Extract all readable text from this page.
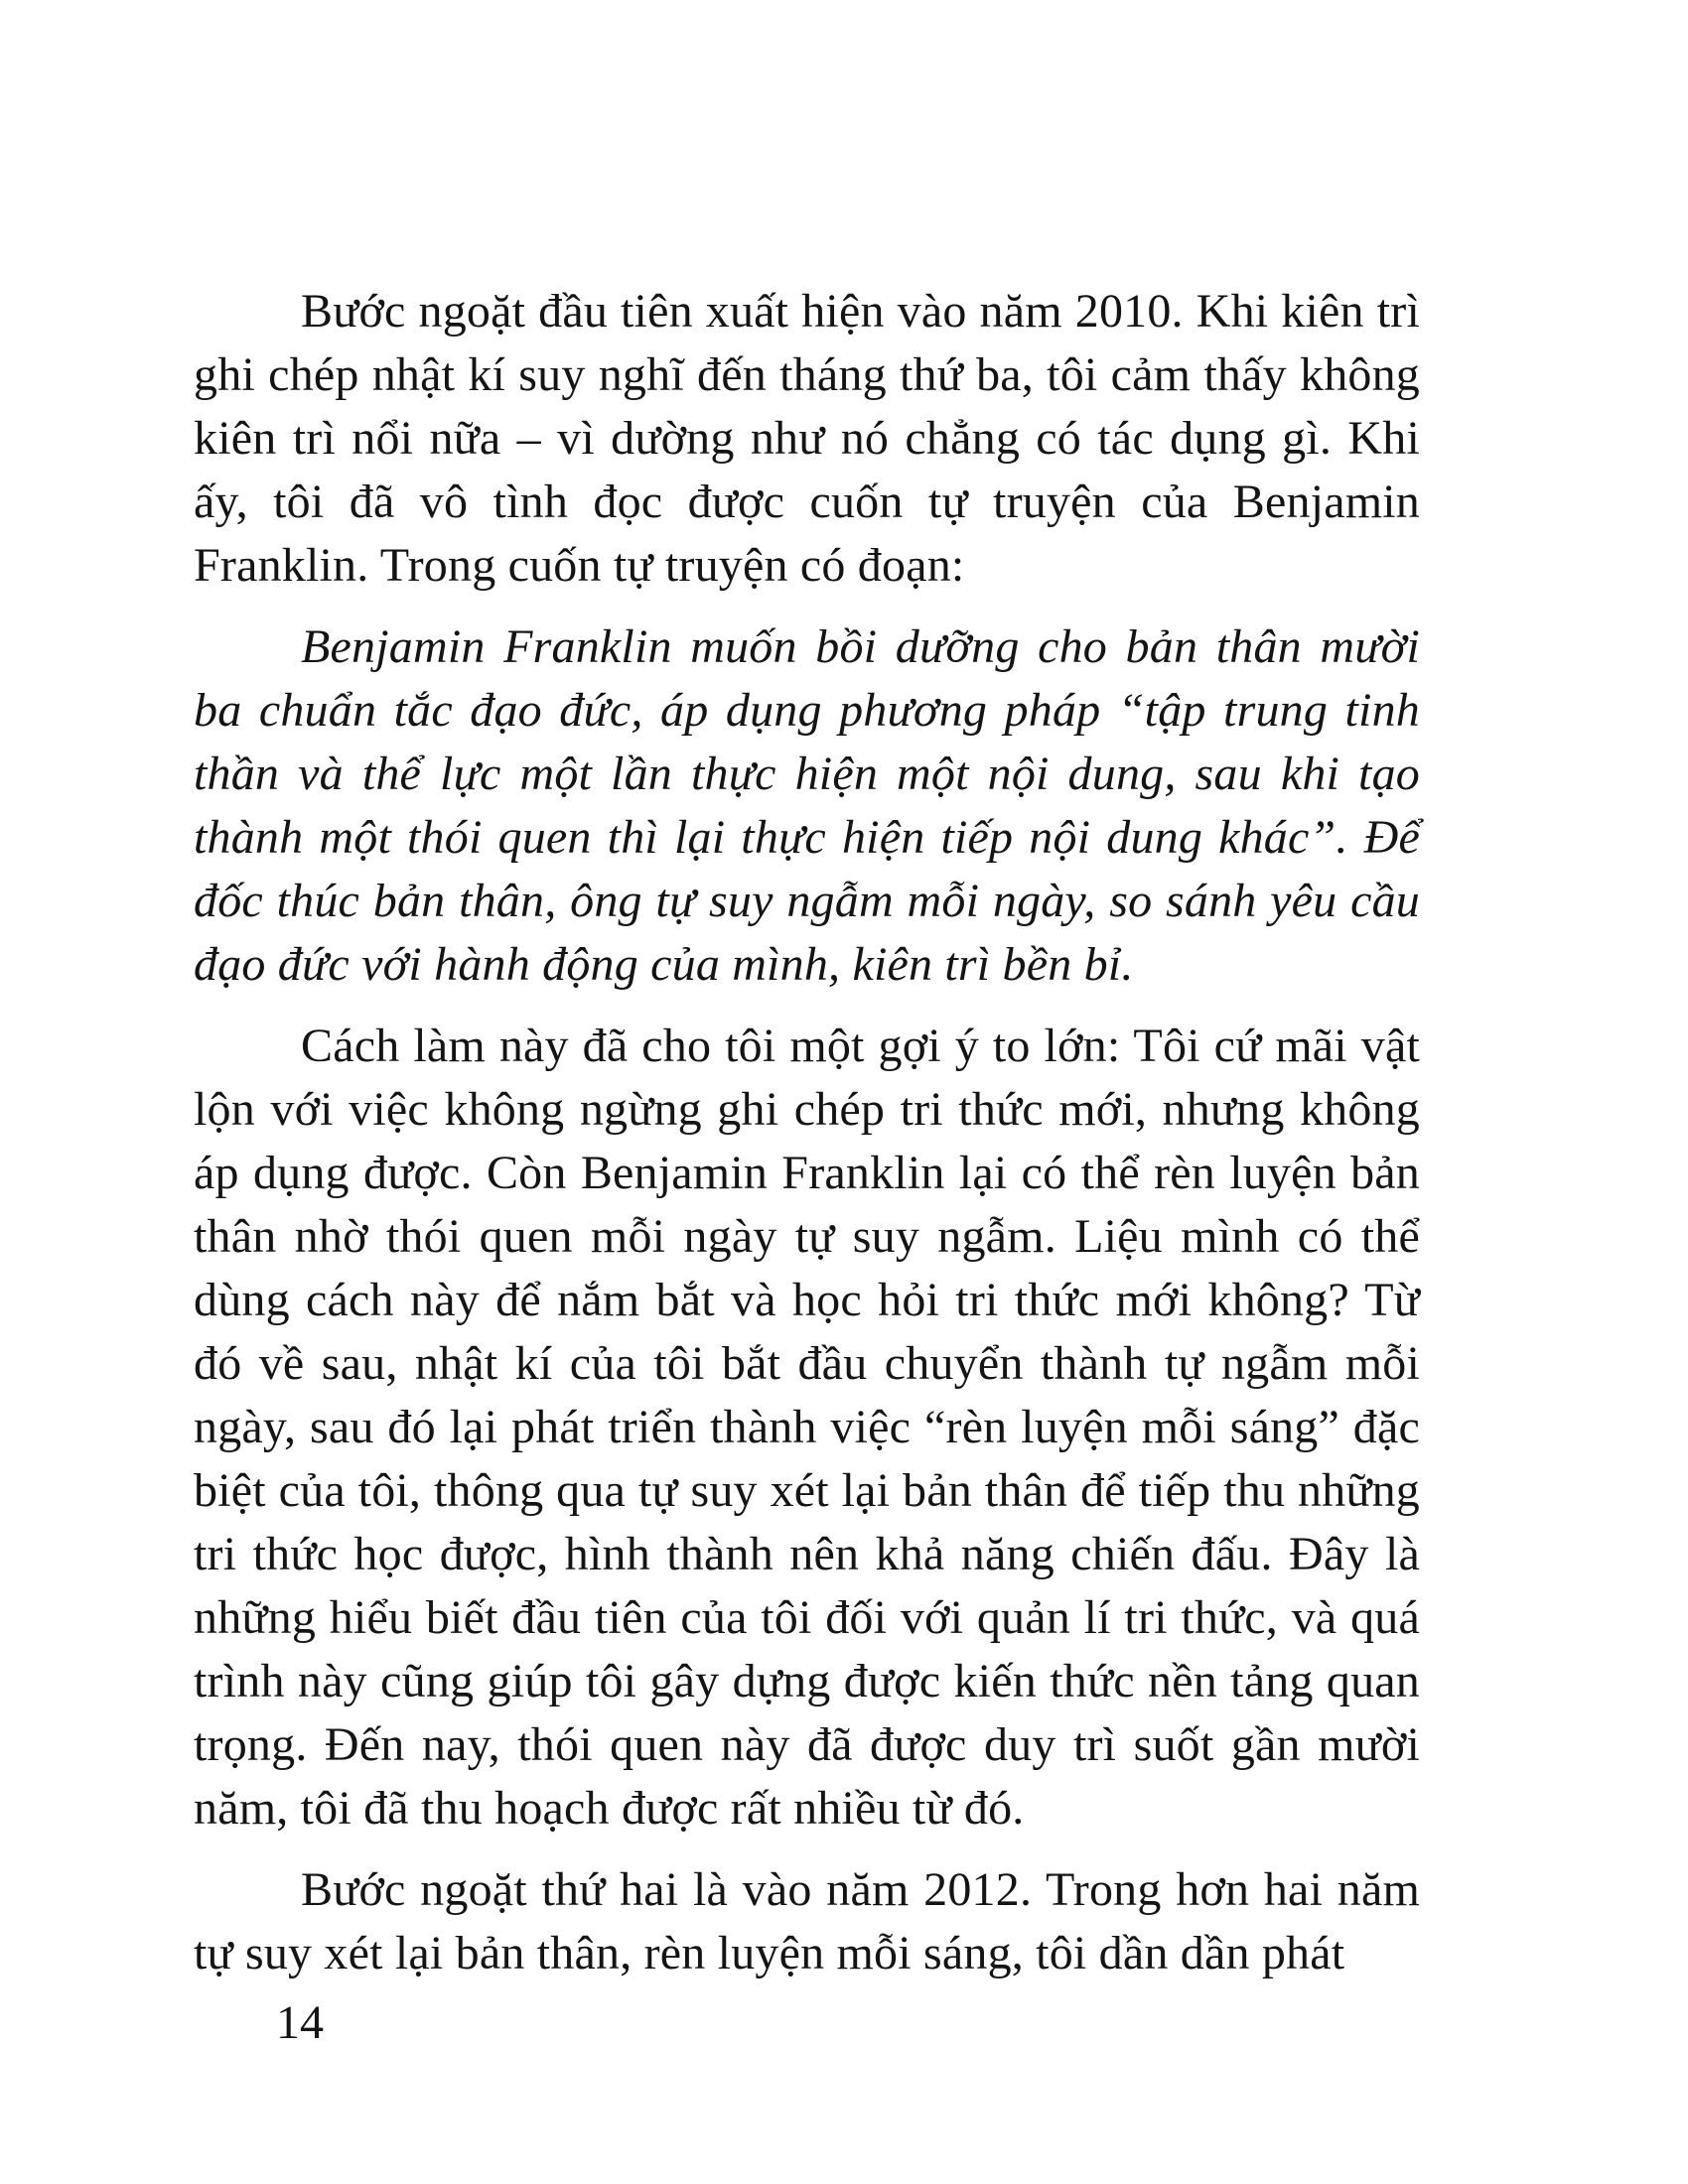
Bước ngoặt đầu tiên xuất hiện vào năm 2010. Khi kiên trì ghi chép nhật kí suy nghĩ đến tháng thứ ba, tôi cảm thấy không kiên trì nổi nữa – vì dường như nó chẳng có tác dụng gì. Khi ấy, tôi đã vô tình đọc được cuốn tự truyện của Benjamin Franklin. Trong cuốn tự truyện có đoạn:

Benjamin Franklin muốn bồi dưỡng cho bản thân mười ba chuẩn tắc đạo đức, áp dụng phương pháp “tập trung tinh thần và thể lực một lần thực hiện một nội dung, sau khi tạo thành một thói quen thì lại thực hiện tiếp nội dung khác”. Để đốc thúc bản thân, ông tự suy ngẫm mỗi ngày, so sánh yêu cầu đạo đức với hành động của mình, kiên trì bền bỉ.

Cách làm này đã cho tôi một gợi ý to lớn: Tôi cứ mãi vật lộn với việc không ngừng ghi chép tri thức mới, nhưng không áp dụng được. Còn Benjamin Franklin lại có thể rèn luyện bản thân nhờ thói quen mỗi ngày tự suy ngẫm. Liệu mình có thể dùng cách này để nắm bắt và học hỏi tri thức mới không? Từ đó về sau, nhật kí của tôi bắt đầu chuyển thành tự ngẫm mỗi ngày, sau đó lại phát triển thành việc “rèn luyện mỗi sáng” đặc biệt của tôi, thông qua tự suy xét lại bản thân để tiếp thu những tri thức học được, hình thành nên khả năng chiến đấu. Đây là những hiểu biết đầu tiên của tôi đối với quản lí tri thức, và quá trình này cũng giúp tôi gây dựng được kiến thức nền tảng quan trọng. Đến nay, thói quen này đã được duy trì suốt gần mười năm, tôi đã thu hoạch được rất nhiều từ đó.

Bước ngoặt thứ hai là vào năm 2012. Trong hơn hai năm tự suy xét lại bản thân, rèn luyện mỗi sáng, tôi dần dần phát

14
